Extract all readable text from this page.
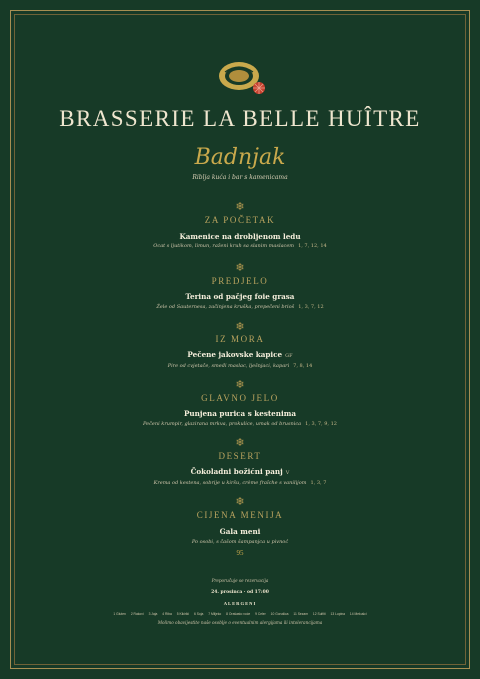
BRASSERIE LA BELLE HUÎTRE
Badnjak
Riblja kuća i bar s kamenicama
❄
ZA POČETAK
Kamenice na drobljenom ledu
Ocat s ljutikom, limun, raženi kruh sa slanim maslacem 1, 7, 12, 14
❄
PREDJELO
Terina od pačjeg foie grasa
Žele od Sauternesa, začinjena kruška, prepečeni brioš 1, 3, 7, 12
❄
IZ MORA
Pečene jakovske kapice GF
Pire od cvjetače, smeđi maslac, lješnjaci, kapari 7, 8, 14
❄
GLAVNO JELO
Punjena purica s kestenima
Pečeni krumpir, glazirana mrkva, prokulice, umak od brusnica 1, 3, 7, 9, 12
❄
DESERT
Čokoladni božićni panj V
Krema od kestena, sobrije u kiršu, crème fraîche s vanilijom 1, 3, 7
❄
CIJENA MENIJA
Gala meni
Po osobi, s čašom šampanjca u pivnoć
95
Preporučuje se rezervacija
24. prosinca · od 17:00
ALERGENI
1 Gluten 2 Rakovi 3 Jaja 4 Riba 5 Kikiriki 6 Soja 7 Mlijeko 8 Orašasto voće 9 Celer 10 Gorušica 11 Sezam 12 Sulfiti 13 Lupina 14 Mekušci
Molimo obavijestite naše osoblje o eventualnim alergijama ili intolerancijama
